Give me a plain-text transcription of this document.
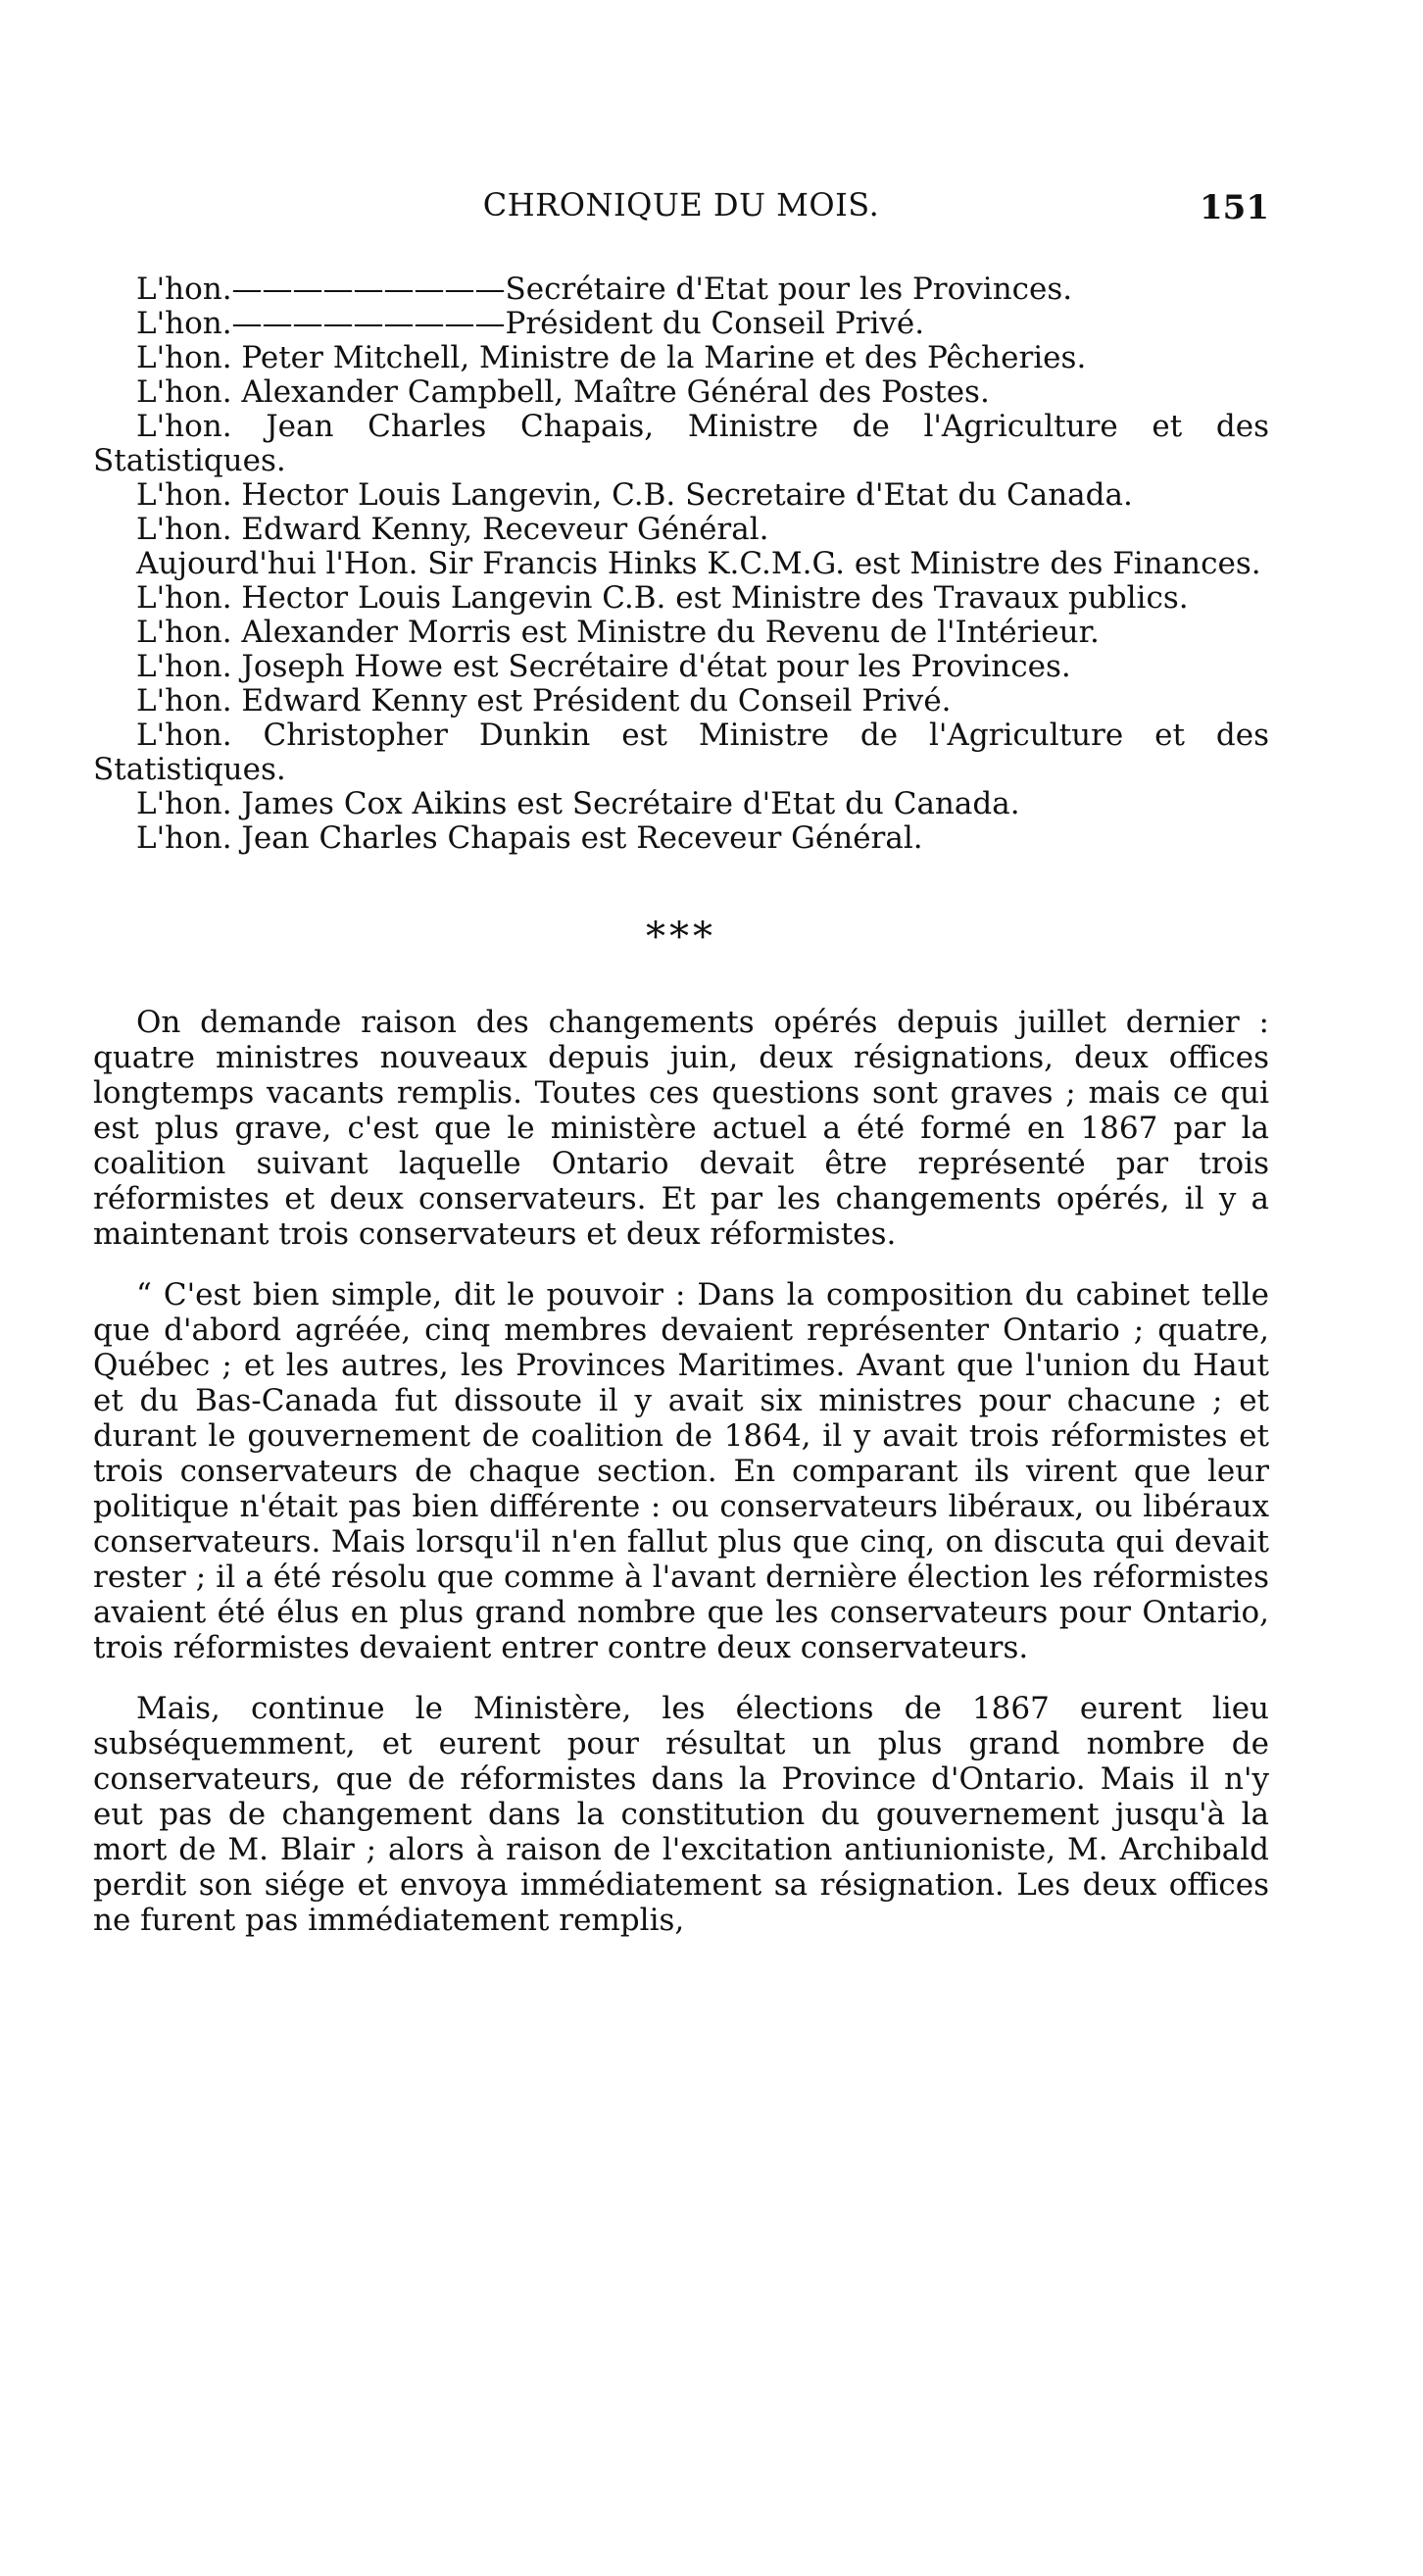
CHRONIQUE DU MOIS.	151

L'hon.—————————Secrétaire d'Etat pour les Provinces.

L'hon.—————————Président du Conseil Privé.

L'hon. Peter Mitchell, Ministre de la Marine et des Pêcheries.

L'hon. Alexander Campbell, Maître Général des Postes.

L'hon. Jean Charles Chapais, Ministre de l'Agriculture et des Statistiques.

L'hon. Hector Louis Langevin, C.B. Secretaire d'Etat du Canada.

L'hon. Edward Kenny, Receveur Général.

Aujourd'hui l'Hon. Sir Francis Hinks K.C.M.G. est Ministre des Finances.

L'hon. Hector Louis Langevin C.B. est Ministre des Travaux publics.

L'hon. Alexander Morris est Ministre du Revenu de l'Intérieur.

L'hon. Joseph Howe est Secrétaire d'état pour les Provinces.

L'hon. Edward Kenny est Président du Conseil Privé.

L'hon. Christopher Dunkin est Ministre de l'Agriculture et des Statistiques.

L'hon. James Cox Aikins est Secrétaire d'Etat du Canada.

L'hon. Jean Charles Chapais est Receveur Général.

***

On demande raison des changements opérés depuis juillet dernier : quatre ministres nouveaux depuis juin, deux résignations, deux offices longtemps vacants remplis. Toutes ces questions sont graves ; mais ce qui est plus grave, c'est que le ministère actuel a été formé en 1867 par la coalition suivant laquelle Ontario devait être représenté par trois réformistes et deux conservateurs. Et par les changements opérés, il y a maintenant trois conservateurs et deux réformistes.

“ C'est bien simple, dit le pouvoir : Dans la composition du cabinet telle que d'abord agréée, cinq membres devaient représenter Ontario ; quatre, Québec ; et les autres, les Provinces Maritimes. Avant que l'union du Haut et du Bas-Canada fut dissoute il y avait six ministres pour chacune ; et durant le gouvernement de coalition de 1864, il y avait trois réformistes et trois conservateurs de chaque section. En comparant ils virent que leur politique n'était pas bien différente : ou conservateurs libéraux, ou libéraux conservateurs. Mais lorsqu'il n'en fallut plus que cinq, on discuta qui devait rester ; il a été résolu que comme à l'avant dernière élection les réformistes avaient été élus en plus grand nombre que les conservateurs pour Ontario, trois réformistes devaient entrer contre deux conservateurs.

Mais, continue le Ministère, les élections de 1867 eurent lieu subséquemment, et eurent pour résultat un plus grand nombre de conservateurs, que de réformistes dans la Province d'Ontario. Mais il n'y eut pas de changement dans la constitution du gouvernement jusqu'à la mort de M. Blair ; alors à raison de l'excitation antiunioniste, M. Archibald perdit son siége et envoya immédiatement sa résignation. Les deux offices ne furent pas immédiatement remplis,
